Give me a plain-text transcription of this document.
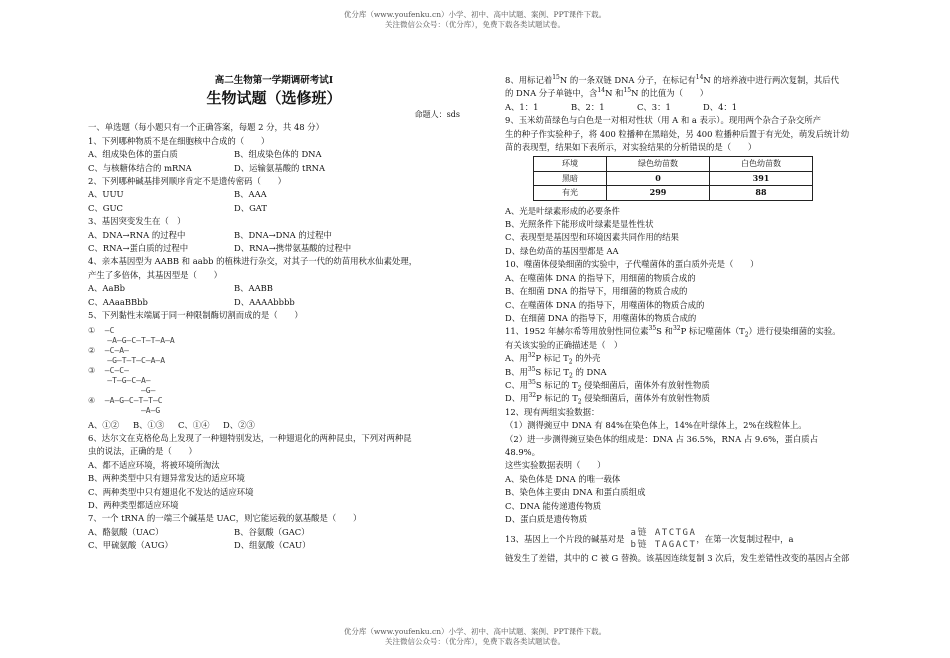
优分库（www.youfenku.cn）小学、初中、高中试题、案例、PPT课件下载。
关注微信公众号：（优分库），免费下载各类试题试卷。

高二生物第一学期调研考试Ⅰ

生物试题（选修班）

命题人：sds

一、单选题（每小题只有一个正确答案，每题 2 分，共 48 分）

1、下列哪种物质不是在细胞核中合成的（　　）

A、组成染色体的蛋白质	B、组成染色体的 DNA
C、与核糖体结合的 mRNA	D、运输氨基酸的 tRNA

2、下列哪种碱基排列顺序肯定不是遗传密码（　　）

A、UUU	B、AAA
C、GUC	D、GAT

3、基因突变发生在（　）

A、DNA→RNA 的过程中	B、DNA→DNA 的过程中
C、RNA→蛋白质的过程中	D、RNA→携带氨基酸的过程中

4、亲本基因型为 AABB 和 aabb 的植株进行杂交，对其子一代的幼苗用秋水仙素处理，

产生了多倍体，其基因型是（　　）

A、AaBb	B、AABB
C、AAaaBBbb	D、AAAAbbbb

5、下列黏性末端属于同一种限制酶切割而成的是（　　）

①  —C
—A—G—C—T—T—A—A
②  —C—A—
—G—T—T—C—A—A
③  —C—C—
—T—G—C—A—
—G—
④  —A—G—C—T—T—C
—A—G
A、①②	B、①③	C、①④	D、②③

6、达尔文在克格伦岛上发现了一种翅特别发达，一种翅退化的两种昆虫，下列对两种昆

虫的说法，正确的是（　　）

A、都不适应环境，将被环境所淘汰

B、两种类型中只有翅异常发达的适应环境

C、两种类型中只有翅退化不发达的适应环境

D、两种类型都适应环境

7、一个 tRNA 的一端三个碱基是 UAC，则它能运载的氨基酸是（　　）

A、酪氨酸（UAC）	B、谷氨酸（GAC）
C、甲硫氨酸（AUG）	D、组氨酸（CAU）

8、用标记着$^{15}$N 的一条双链 DNA 分子，在标记有$^{14}$N 的培养液中进行两次复制，其后代

的 DNA 分子单链中，含$^{14}$N 和$^{15}$N 的比值为（　　）

A、1：1	B、2：1	C、3：1	D、4：1

9、玉米幼苗绿色与白色是一对相对性状（用 A 和 a 表示）。现用两个杂合子杂交所产

生的种子作实验种子，将 400 粒播种在黑暗处，另 400 粒播种后置于有光处，萌发后统计幼

苗的表现型，结果如下表所示，对实验结果的分析错误的是（　　）

环境	绿色幼苗数	白色幼苗数
黑暗	0	391
有光	299	88

A、光是叶绿素形成的必要条件

B、光照条件下能形成叶绿素是显性性状

C、表现型是基因型和环境因素共同作用的结果

D、绿色幼苗的基因型都是 AA

10、噬菌体侵染细菌的实验中，子代噬菌体的蛋白质外壳是（　　）

A、在噬菌体 DNA 的指导下，用细菌的物质合成的

B、在细菌 DNA 的指导下，用细菌的物质合成的

C、在噬菌体 DNA 的指导下，用噬菌体的物质合成的

D、在细菌 DNA 的指导下，用噬菌体的物质合成的

11、1952 年赫尔希等用放射性同位素$^{35}$S 和$^{32}$P 标记噬菌体$(T_2)$进行侵染细菌的实验。

有关该实验的正确描述是（　）

A、用$^{32}$P 标记 $T_2$ 的外壳

B、用$^{35}$S 标记 $T_2$ 的 DNA

C、用$^{35}$S 标记的 $T_2$ 侵染细菌后，菌体外有放射性物质

D、用$^{32}$P 标记的 $T_2$ 侵染细菌后，菌体外有放射性物质

12、现有两组实验数据：

（1）测得豌豆中 DNA 有 84%在染色体上，14%在叶绿体上，2%在线粒体上。

（2）进一步测得豌豆染色体的组成是：DNA 占 36.5%，RNA 占 9.6%，蛋白质占

48.9%。

这些实验数据表明（　　）

A、染色体是 DNA 的唯一载体

B、染色体主要由 DNA 和蛋白质组成

C、DNA 能传递遗传物质

D、蛋白质是遗传物质

13、基因上一个片段的碱基对是
a链 ATCTGA
b链 TAGACT
，在第一次复制过程中，a

链发生了差错，其中的 C 被 G 替换。该基因连续复制 3 次后，发生差错性改变的基因占全部

优分库（www.youfenku.cn）小学、初中、高中试题、案例、PPT课件下载。
关注微信公众号：（优分库），免费下载各类试题试卷。
